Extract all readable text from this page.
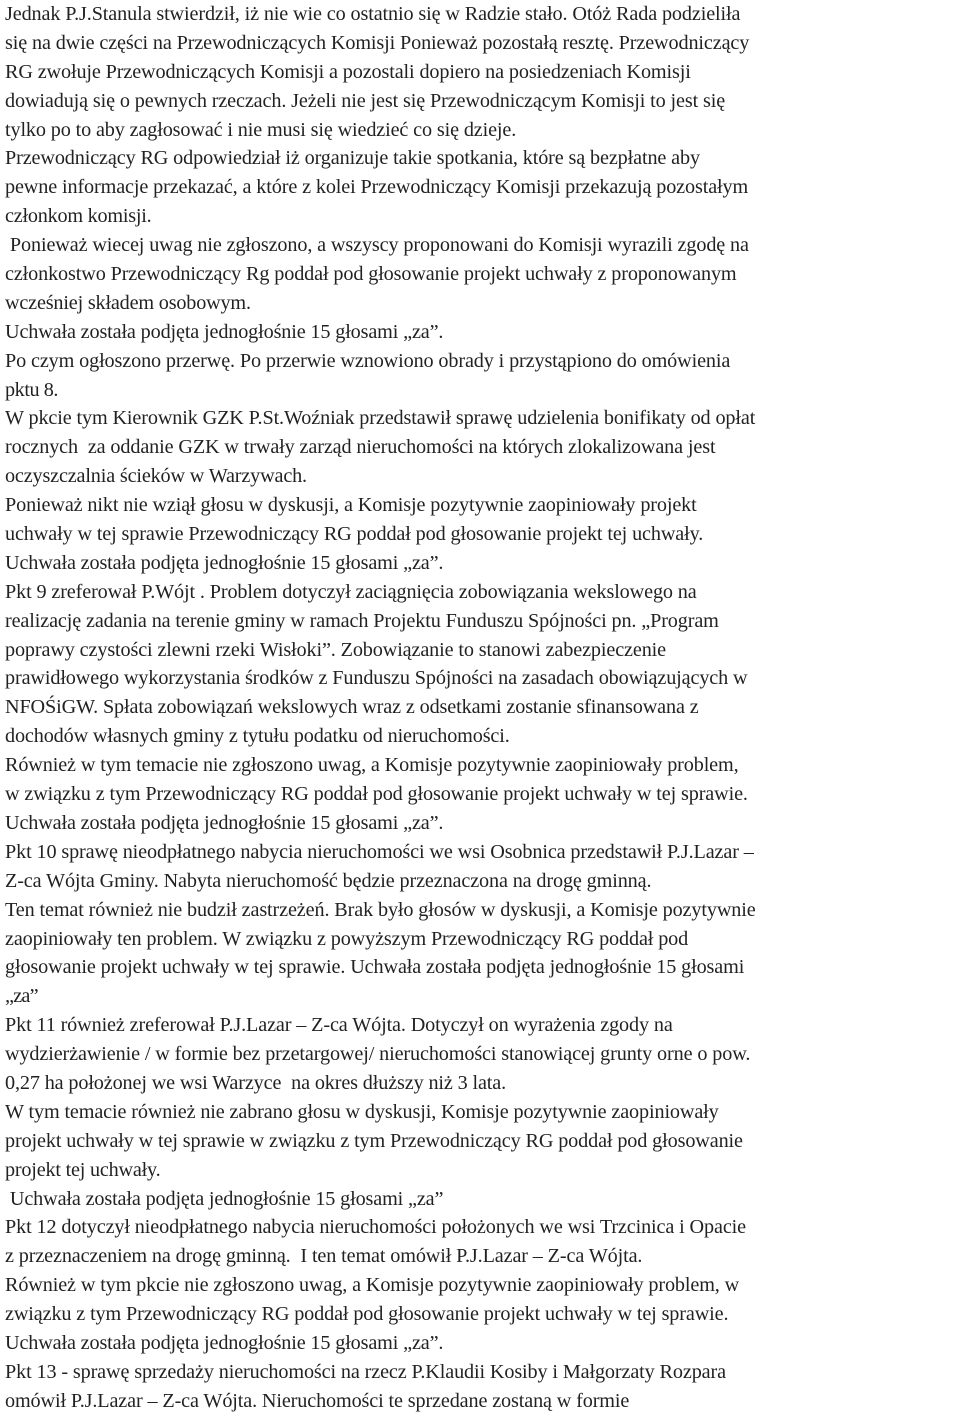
Jednak P.J.Stanula stwierdził, iż nie wie co ostatnio się w Radzie stało. Otóż Rada podzieliła
się na dwie części na Przewodniczących Komisji Ponieważ pozostałą resztę. Przewodniczący
RG zwołuje Przewodniczących Komisji a pozostali dopiero na posiedzeniach Komisji
dowiadują się o pewnych rzeczach. Jeżeli nie jest się Przewodniczącym Komisji to jest się
tylko po to aby zagłosować i nie musi się wiedzieć co się dzieje.
Przewodniczący RG odpowiedział iż organizuje takie spotkania, które są bezpłatne aby
pewne informacje przekazać, a które z kolei Przewodniczący Komisji przekazują pozostałym
członkom komisji.
Ponieważ wiecej uwag nie zgłoszono, a wszyscy proponowani do Komisji wyrazili zgodę na
członkostwo Przewodniczący Rg poddał pod głosowanie projekt uchwały z proponowanym
wcześniej składem osobowym.
Uchwała została podjęta jednogłośnie 15 głosami „za”.
Po czym ogłoszono przerwę. Po przerwie wznowiono obrady i przystąpiono do omówienia
pktu 8.
W pkcie tym Kierownik GZK P.St.Woźniak przedstawił sprawę udzielenia bonifikaty od opłat
rocznych  za oddanie GZK w trwały zarząd nieruchomości na których zlokalizowana jest
oczyszczalnia ścieków w Warzywach.
Ponieważ nikt nie wziął głosu w dyskusji, a Komisje pozytywnie zaopiniowały projekt
uchwały w tej sprawie Przewodniczący RG poddał pod głosowanie projekt tej uchwały.
Uchwała została podjęta jednogłośnie 15 głosami „za”.
Pkt 9 zreferował P.Wójt . Problem dotyczył zaciągnięcia zobowiązania wekslowego na
realizację zadania na terenie gminy w ramach Projektu Funduszu Spójności pn. „Program
poprawy czystości zlewni rzeki Wisłoki”. Zobowiązanie to stanowi zabezpieczenie
prawidłowego wykorzystania środków z Funduszu Spójności na zasadach obowiązujących w
NFOŚiGW. Spłata zobowiązań wekslowych wraz z odsetkami zostanie sfinansowana z
dochodów własnych gminy z tytułu podatku od nieruchomości.
Również w tym temacie nie zgłoszono uwag, a Komisje pozytywnie zaopiniowały problem,
w związku z tym Przewodniczący RG poddał pod głosowanie projekt uchwały w tej sprawie.
Uchwała została podjęta jednogłośnie 15 głosami „za”.
Pkt 10 sprawę nieodpłatnego nabycia nieruchomości we wsi Osobnica przedstawił P.J.Lazar –
Z-ca Wójta Gminy. Nabyta nieruchomość będzie przeznaczona na drogę gminną.
Ten temat również nie budził zastrzeżeń. Brak było głosów w dyskusji, a Komisje pozytywnie
zaopiniowały ten problem. W związku z powyższym Przewodniczący RG poddał pod
głosowanie projekt uchwały w tej sprawie. Uchwała została podjęta jednogłośnie 15 głosami
„za”
Pkt 11 również zreferował P.J.Lazar – Z-ca Wójta. Dotyczył on wyrażenia zgody na
wydzierżawienie / w formie bez przetargowej/ nieruchomości stanowiącej grunty orne o pow.
0,27 ha położonej we wsi Warzyce  na okres dłuższy niż 3 lata.
W tym temacie również nie zabrano głosu w dyskusji, Komisje pozytywnie zaopiniowały
projekt uchwały w tej sprawie w związku z tym Przewodniczący RG poddał pod głosowanie
projekt tej uchwały.
Uchwała została podjęta jednogłośnie 15 głosami „za”
Pkt 12 dotyczył nieodpłatnego nabycia nieruchomości położonych we wsi Trzcinica i Opacie
z przeznaczeniem na drogę gminną.  I ten temat omówił P.J.Lazar – Z-ca Wójta.
Również w tym pkcie nie zgłoszono uwag, a Komisje pozytywnie zaopiniowały problem, w
związku z tym Przewodniczący RG poddał pod głosowanie projekt uchwały w tej sprawie.
Uchwała została podjęta jednogłośnie 15 głosami „za”.
Pkt 13 - sprawę sprzedaży nieruchomości na rzecz P.Klaudii Kosiby i Małgorzaty Rozpara
omówił P.J.Lazar – Z-ca Wójta. Nieruchomości te sprzedane zostaną w formie
